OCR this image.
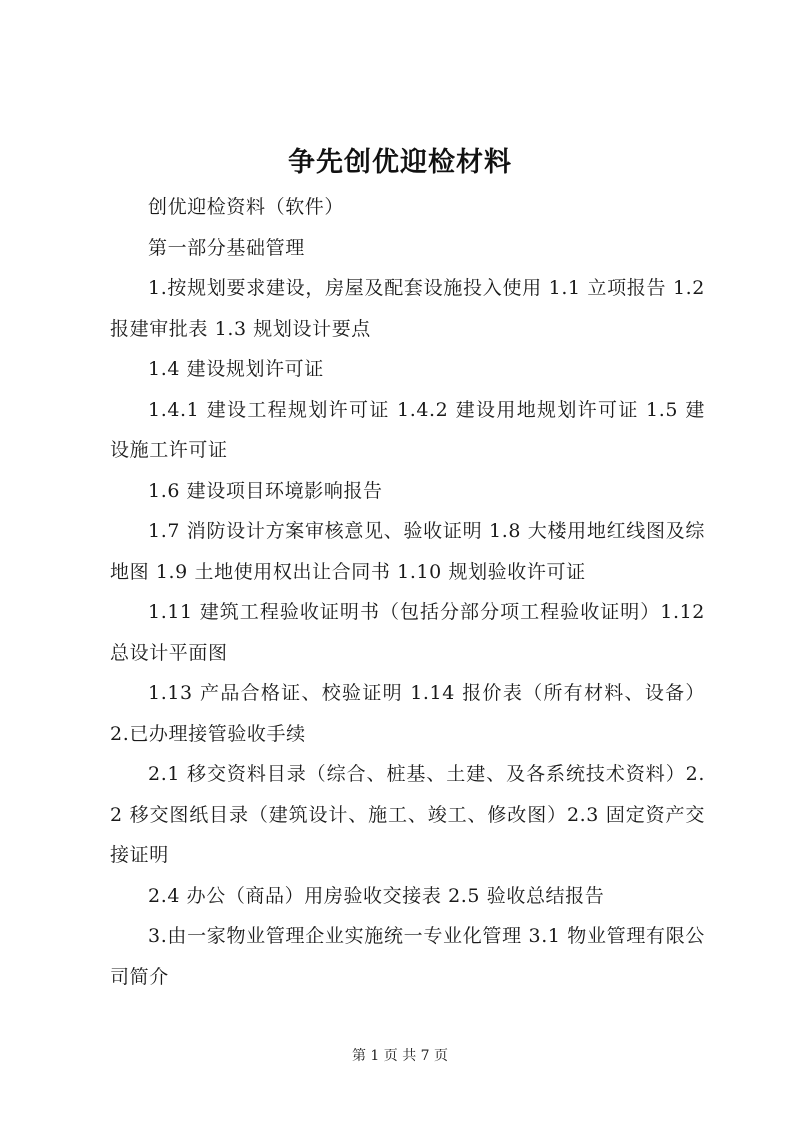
争先创优迎检材料

创优迎检资料（软件）

第一部分基础管理

1.按规划要求建设，房屋及配套设施投入使用 1.1 立项报告 1.2 报建审批表 1.3 规划设计要点

1.4 建设规划许可证

1.4.1 建设工程规划许可证 1.4.2 建设用地规划许可证 1.5 建设施工许可证

1.6 建设项目环境影响报告

1.7 消防设计方案审核意见、验收证明 1.8 大楼用地红线图及综地图 1.9 土地使用权出让合同书 1.10 规划验收许可证

1.11 建筑工程验收证明书（包括分部分项工程验收证明）1.12 总设计平面图

1.13 产品合格证、校验证明 1.14 报价表（所有材料、设备）2.已办理接管验收手续

2.1 移交资料目录（综合、桩基、土建、及各系统技术资料）2.2 移交图纸目录（建筑设计、施工、竣工、修改图）2.3 固定资产交接证明

2.4 办公（商品）用房验收交接表 2.5 验收总结报告

3.由一家物业管理企业实施统一专业化管理 3.1 物业管理有限公司简介

第 1 页 共 7 页
